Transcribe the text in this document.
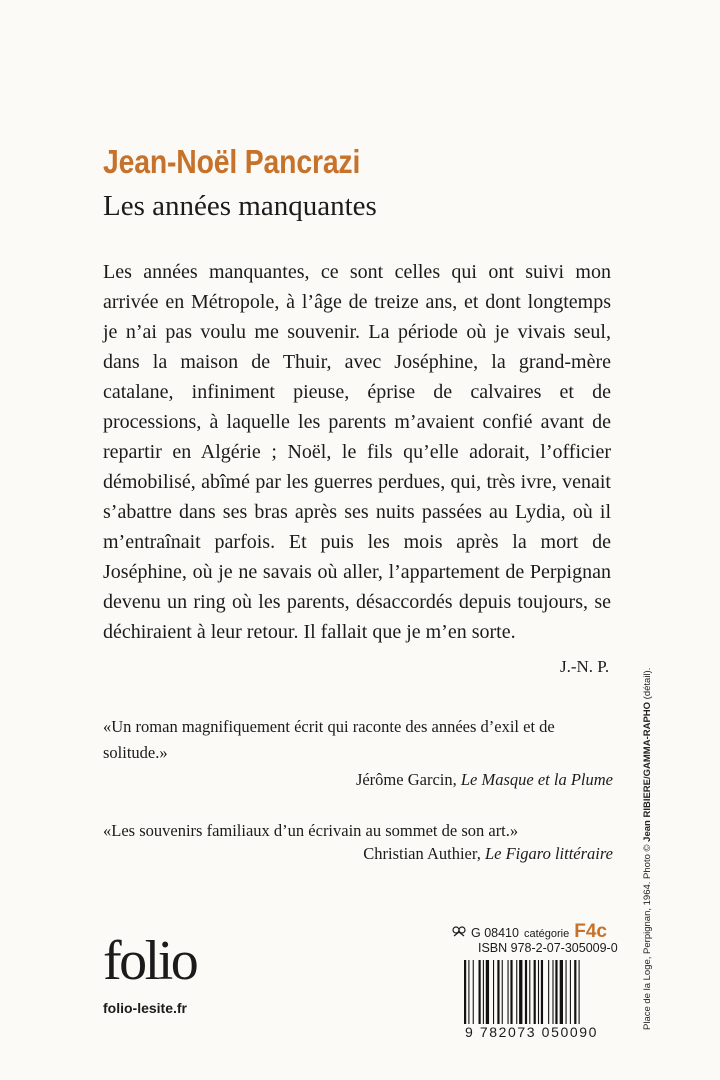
Jean-Noël Pancrazi
Les années manquantes

Les années manquantes, ce sont celles qui ont suivi mon arrivée en Métropole, à l’âge de treize ans, et dont longtemps je n’ai pas voulu me souvenir. La période où je vivais seul, dans la maison de Thuir, avec Joséphine, la grand-mère catalane, infiniment pieuse, éprise de calvaires et de processions, à laquelle les parents m’avaient confié avant de repartir en Algérie ; Noël, le fils qu’elle adorait, l’officier démobilisé, abîmé par les guerres perdues, qui, très ivre, venait s’abattre dans ses bras après ses nuits passées au Lydia, où il m’entraînait parfois. Et puis les mois après la mort de Joséphine, où je ne savais où aller, l’appartement de Perpignan devenu un ring où les parents, désaccordés depuis toujours, se déchiraient à leur retour. Il fallait que je m’en sorte.

J.-N. P.

«Un roman magnifiquement écrit qui raconte des années d’exil et de solitude.»

Jérôme Garcin, Le Masque et la Plume

«Les souvenirs familiaux d’un écrivain au sommet de son art.»

Christian Authier, Le Figaro littéraire
folio
folio-lesite.fr
G 08410 catégorie F4c
ISBN 978-2-07-305009-0
9 782073 050090
Place de la Loge, Perpignan, 1964. Photo © Jean RIBIERE/GAMMA-RAPHO (détail).
